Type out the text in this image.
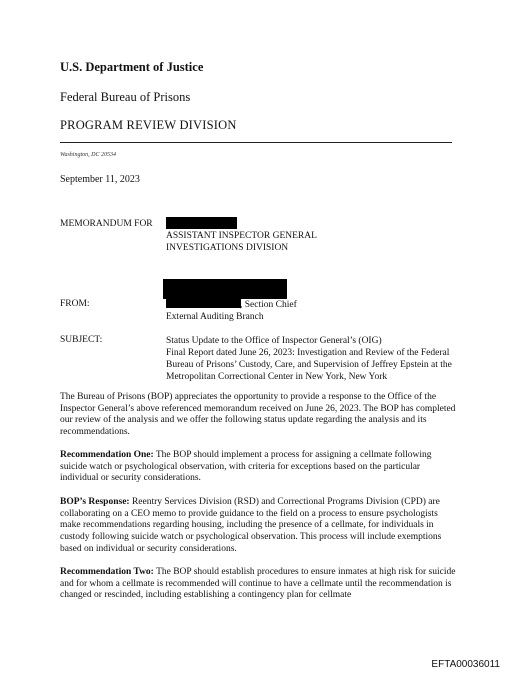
U.S. Department of Justice
Federal Bureau of Prisons
PROGRAM REVIEW DIVISION
Washington, DC 20534
September 11, 2023
MEMORANDUM FOR
ASSISTANT INSPECTOR GENERAL
INVESTIGATIONS DIVISION
FROM:	, Section Chief
External Auditing Branch
SUBJECT:	Status Update to the Office of Inspector General’s (OIG)
Final Report dated June 26, 2023: Investigation and Review of the Federal
Bureau of Prisons’ Custody, Care, and Supervision of Jeffrey Epstein at the
Metropolitan Correctional Center in New York, New York
The Bureau of Prisons (BOP) appreciates the opportunity to provide a response to the Office of the Inspector General’s above referenced memorandum received on June 26, 2023. The BOP has completed our review of the analysis and we offer the following status update regarding the analysis and its recommendations.
Recommendation One: The BOP should implement a process for assigning a cellmate following suicide watch or psychological observation, with criteria for exceptions based on the particular individual or security considerations.
BOP’s Response: Reentry Services Division (RSD) and Correctional Programs Division (CPD) are collaborating on a CEO memo to provide guidance to the field on a process to ensure psychologists make recommendations regarding housing, including the presence of a cellmate, for individuals in custody following suicide watch or psychological observation. This process will include exemptions based on individual or security considerations.
Recommendation Two: The BOP should establish procedures to ensure inmates at high risk for suicide and for whom a cellmate is recommended will continue to have a cellmate until the recommendation is changed or rescinded, including establishing a contingency plan for cellmate
EFTA00036011
